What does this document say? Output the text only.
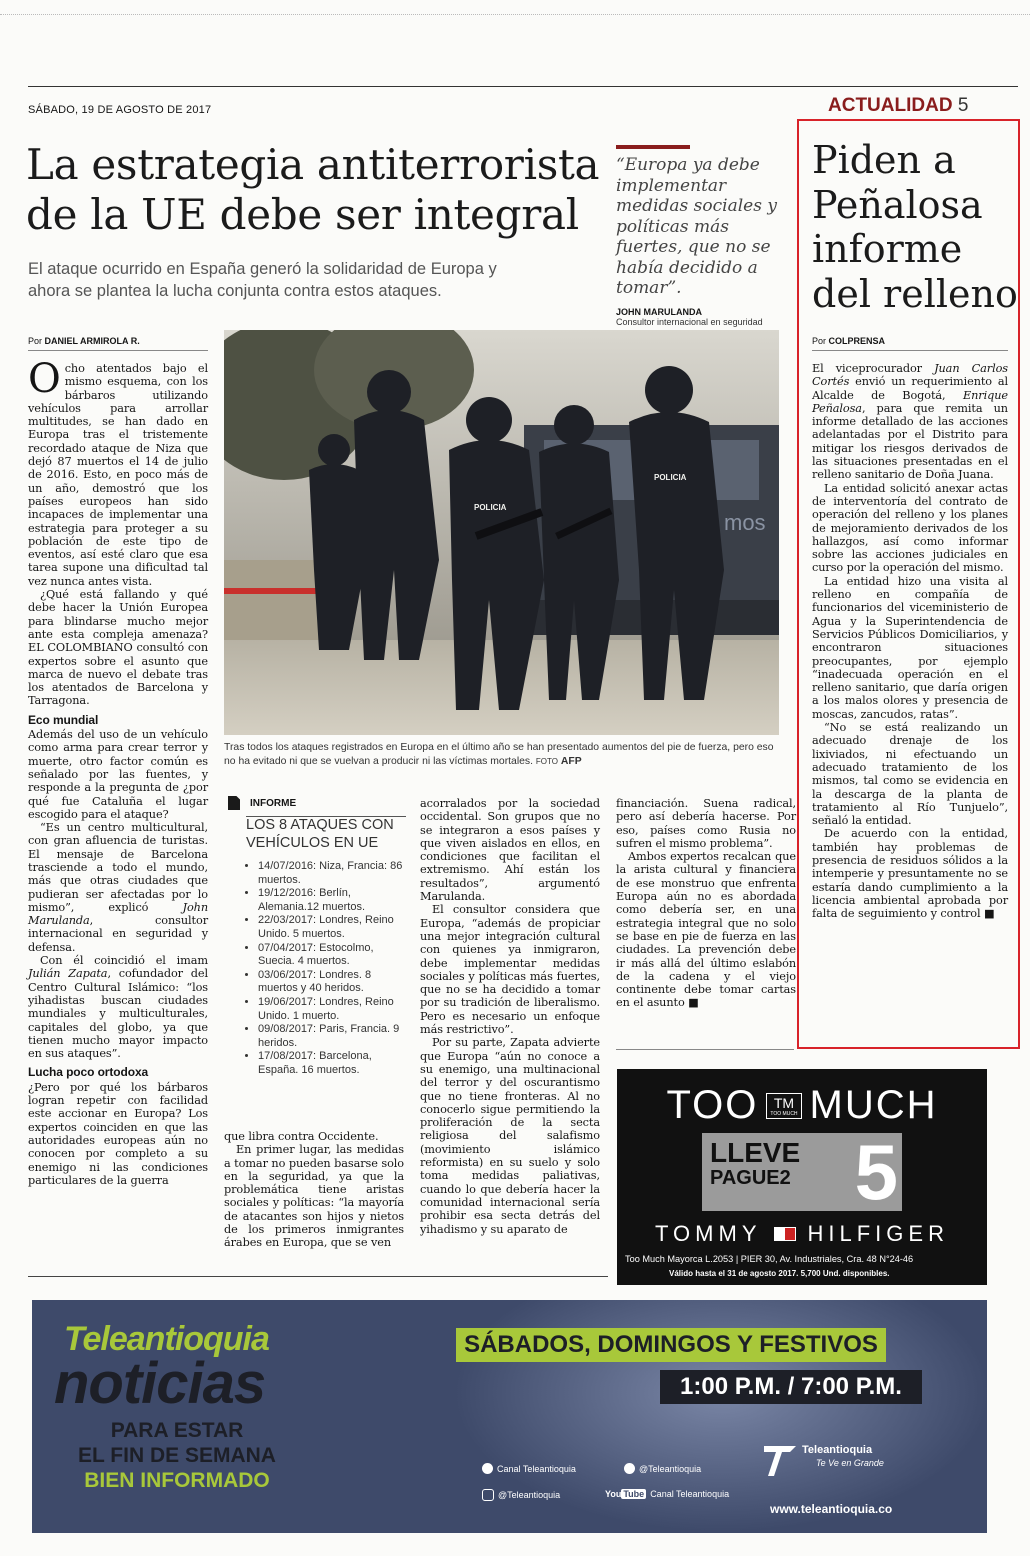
SÁBADO, 19 DE AGOSTO DE 2017	ACTUALIDAD 5
La estrategia antiterrorista
de la UE debe ser integral
El ataque ocurrido en España generó la solidaridad de Europa y
ahora se plantea la lucha conjunta contra estos ataques.
“Europa ya debe implementar medidas sociales y políticas más fuertes, que no se había decidido a tomar”.
JOHN MARULANDA
Consultor internacional en seguridad
Por DANIEL ARMIROLA R.

Ocho atentados bajo el mismo esquema, con los bárbaros utilizando vehículos para arrollar multitudes, se han dado en Europa tras el tristemente recordado ataque de Niza que dejó 87 muertos el 14 de julio de 2016. Esto, en poco más de un año, demostró que los países europeos han sido incapaces de implementar una estrategia para proteger a su población de este tipo de eventos, así esté claro que esa tarea supone una dificultad tal vez nunca antes vista.

¿Qué está fallando y qué debe hacer la Unión Europea para blindarse mucho mejor ante esta compleja amenaza? EL COLOMBIANO consultó con expertos sobre el asunto que marca de nuevo el debate tras los atentados de Barcelona y Tarragona.

Eco mundial

Además del uso de un vehículo como arma para crear terror y muerte, otro factor común es señalado por las fuentes, y responde a la pregunta de ¿por qué fue Cataluña el lugar escogido para el ataque?

“Es un centro multicultural, con gran afluencia de turistas. El mensaje de Barcelona trasciende a todo el mundo, más que otras ciudades que pudieran ser afectadas por lo mismo”, explicó John Marulanda, consultor internacional en seguridad y defensa.

Con él coincidió el imam Julián Zapata, cofundador del Centro Cultural Islámico: “los yihadistas buscan ciudades mundiales y multiculturales, capitales del globo, ya que tienen mucho mayor impacto en sus ataques”.

Lucha poco ortodoxa

¿Pero por qué los bárbaros logran repetir con facilidad este accionar en Europa? Los expertos coinciden en que las autoridades europeas aún no conocen por completo a su enemigo ni las condiciones particulares de la guerra

mos
POLICIA
POLICIA
Tras todos los ataques registrados en Europa en el último año se han presentado aumentos del pie de fuerza, pero eso no ha evitado ni que se vuelvan a producir ni las víctimas mortales. FOTO AFP
INFORME
LOS 8 ATAQUES CON VEHÍCULOS EN UE
• 14/07/2016: Niza, Francia: 86 muertos.
• 19/12/2016: Berlín, Alemania.12 muertos.
• 22/03/2017: Londres, Reino Unido. 5 muertos.
• 07/04/2017: Estocolmo, Suecia. 4 muertos.
• 03/06/2017: Londres. 8 muertos y 40 heridos.
• 19/06/2017: Londres, Reino Unido. 1 muerto.
• 09/08/2017: Paris, Francia. 9 heridos.
• 17/08/2017: Barcelona, España. 16 muertos.

que libra contra Occidente.

En primer lugar, las medidas a tomar no pueden basarse solo en la seguridad, ya que la problemática tiene aristas sociales y políticas: “la mayoría de atacantes son hijos y nietos de los primeros inmigrantes árabes en Europa, que se ven

acorralados por la sociedad occidental. Son grupos que no se integraron a esos países y que viven aislados en ellos, en condiciones que facilitan el extremismo. Ahí están los resultados”, argumentó Marulanda.

El consultor considera que Europa, “además de propiciar una mejor integración cultural con quienes ya inmigraron, debe implementar medidas sociales y políticas más fuertes, que no se ha decidido a tomar por su tradición de liberalismo. Pero es necesario un enfoque más restrictivo”.

Por su parte, Zapata advierte que Europa “aún no conoce a su enemigo, una multinacional del terror y del oscurantismo que no tiene fronteras. Al no conocerlo sigue permitiendo la proliferación de la secta religiosa del salafismo (movimiento islámico reformista) en su suelo y solo toma medidas paliativas, cuando lo que debería hacer la comunidad internacional sería prohibir esa secta detrás del yihadismo y su aparato de

financiación. Suena radical, pero así debería hacerse. Por eso, países como Rusia no sufren el mismo problema”.

Ambos expertos recalcan que la arista cultural y financiera de ese monstruo que enfrenta Europa aún no es abordada como debería ser, en una estrategia integral que no solo se base en pie de fuerza en las ciudades. La prevención debe ir más allá del último eslabón de la cadena y el viejo continente debe tomar cartas en el asunto ■

Piden a
Peñalosa
informe
del relleno
Por COLPRENSA

El viceprocurador Juan Carlos Cortés envió un requerimiento al Alcalde de Bogotá, Enrique Peñalosa, para que remita un informe detallado de las acciones adelantadas por el Distrito para mitigar los riesgos derivados de las situaciones presentadas en el relleno sanitario de Doña Juana.

La entidad solicitó anexar actas de interventoría del contrato de operación del relleno y los planes de mejoramiento derivados de los hallazgos, así como informar sobre las acciones judiciales en curso por la operación del mismo.

La entidad hizo una visita al relleno en compañía de funcionarios del viceministerio de Agua y la Superintendencia de Servicios Públicos Domiciliarios, y encontraron situaciones preocupantes, por ejemplo “inadecuada operación en el relleno sanitario, que daría origen a los malos olores y presencia de moscas, zancudos, ratas”.

“No se está realizando un adecuado drenaje de los lixiviados, ni efectuando un adecuado tratamiento de los mismos, tal como se evidencia en la descarga de la planta de tratamiento al Río Tunjuelo”, señaló la entidad.

De acuerdo con la entidad, también hay problemas de presencia de residuos sólidos a la intemperie y presuntamente no se estaría dando cumplimiento a la licencia ambiental aprobada por falta de seguimiento y control ■

TOO TM
TOO MUCH MUCH
LLEVE
PAGUE2 5
TOMMY HILFIGER
Too Much Mayorca L.2053 | PIER 30, Av. Industriales, Cra. 48 N°24-46
Válido hasta el 31 de agosto 2017. 5,700 Und. disponibles.
Teleantioquia
noticias
PARA ESTAR
EL FIN DE SEMANA
BIEN INFORMADO
SÁBADOS, DOMINGOS Y FESTIVOS
1:00 P.M. / 7:00 P.M.
Teleantioquia
Te Ve en Grande
www.teleantioquia.co
Canal Teleantioquia	@Teleantioquia
@Teleantioquia	You Tube Canal Teleantioquia
